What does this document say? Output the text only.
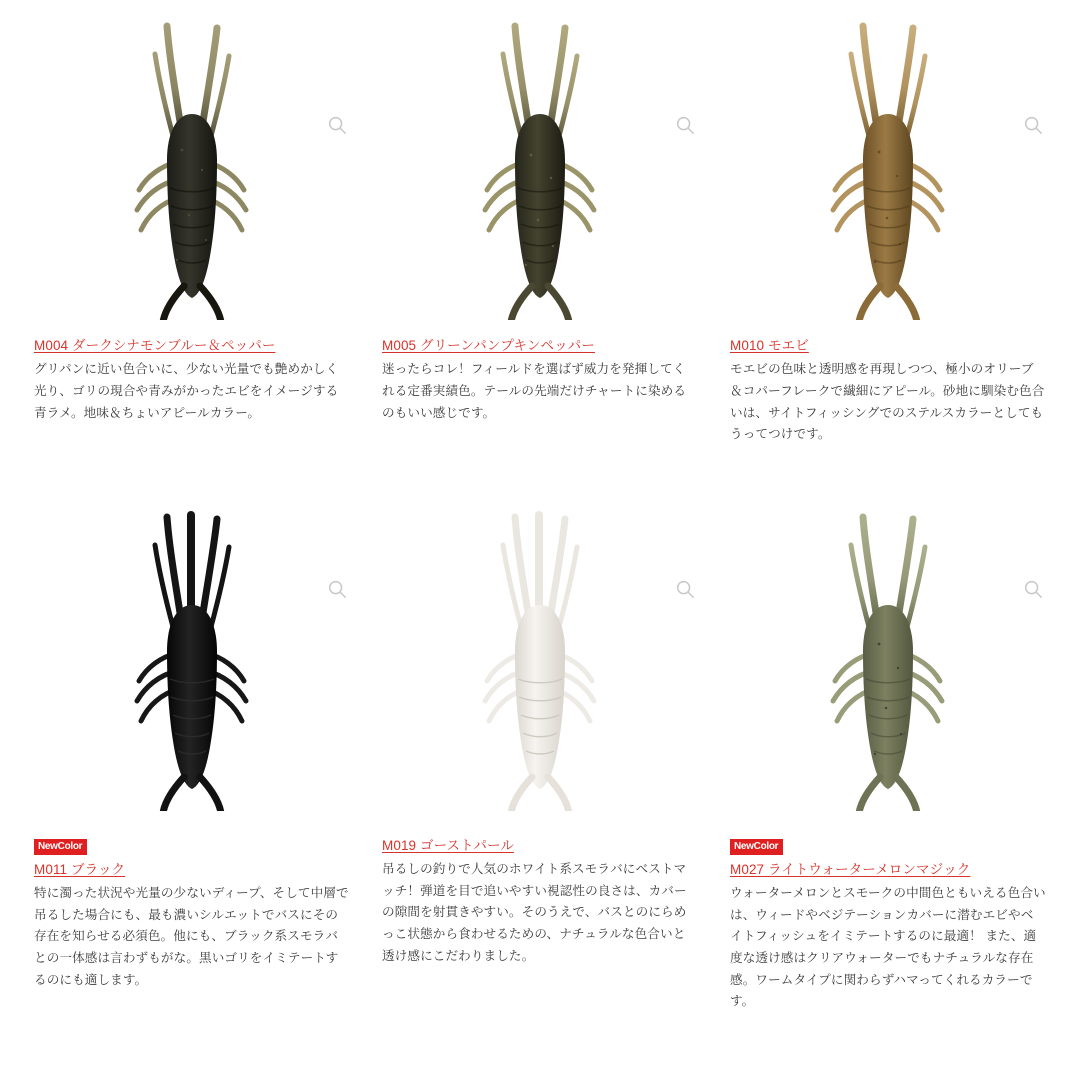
M004 ダークシナモンブルー＆ペッパー
グリパンに近い色合いに、少ない光量でも艶めかしく光り、ゴリの現合や青みがかったエビをイメージする青ラメ。地味＆ちょいアピールカラー。
M005 グリーンパンプキンペッパー
迷ったらコレ！フィールドを選ばず威力を発揮してくれる定番実績色。テールの先端だけチャートに染めるのもいい感じです。
M010 モエビ
モエビの色味と透明感を再現しつつ、極小のオリーブ＆コパーフレークで繊細にアピール。砂地に馴染む色合いは、サイトフィッシングでのステルスカラーとしてもうってつけです。
NewColor
M011 ブラック
特に濁った状況や光量の少ないディープ、そして中層で吊るした場合にも、最も濃いシルエットでバスにその存在を知らせる必須色。他にも、ブラック系スモラバとの一体感は言わずもがな。黒いゴリをイミテートするのにも適します。
M019 ゴーストパール
吊るしの釣りで人気のホワイト系スモラバにベストマッチ！弾道を目で追いやすい視認性の良さは、カバーの隙間を射貫きやすい。そのうえで、バスとのにらめっこ状態から食わせるための、ナチュラルな色合いと透け感にこだわりました。
NewColor
M027 ライトウォーターメロンマジック
ウォーターメロンとスモークの中間色ともいえる色合いは、ウィードやベジテーションカバーに潜むエビやベイトフィッシュをイミテートするのに最適！ また、適度な透け感はクリアウォーターでもナチュラルな存在感。ワームタイプに関わらずハマってくれるカラーです。
